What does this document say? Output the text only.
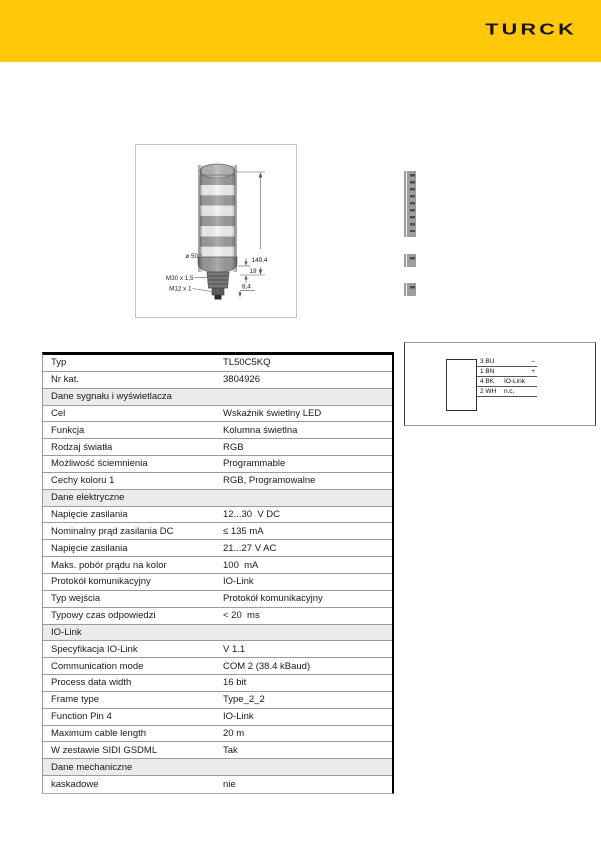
TURCK
149,4
ø 50
19
8,4
M30 x 1,5
M12 x 1
3 BU	–
1 BN	+
4 BK IO-Link
2 WH n.c.
Typ	TL50C5KQ
Nr kat.	3804926
Dane sygnału i wyświetlacza
Cel	Wskaźnik świetlny LED
Funkcja	Kolumna świetlna
Rodzaj światła	RGB
Możliwość ściemnienia	Programmable
Cechy koloru 1	RGB, Programowalne
Dane elektryczne
Napięcie zasilania	12...30  V DC
Nominalny prąd zasilania DC	≤ 135 mA
Napięcie zasilania	21...27 V AC
Maks. pobór prądu na kolor	100  mA
Protokół komunikacyjny	IO-Link
Typ wejścia	Protokół komunikacyjny
Typowy czas odpowiedzi	< 20  ms
IO-Link
Specyfikacja IO-Link	V 1.1
Communication mode	COM 2 (38.4 kBaud)
Process data width	16 bit
Frame type	Type_2_2
Function Pin 4	IO-Link
Maximum cable length	20 m
W zestawie SIDI GSDML	Tak
Dane mechaniczne
kaskadowe	nie
